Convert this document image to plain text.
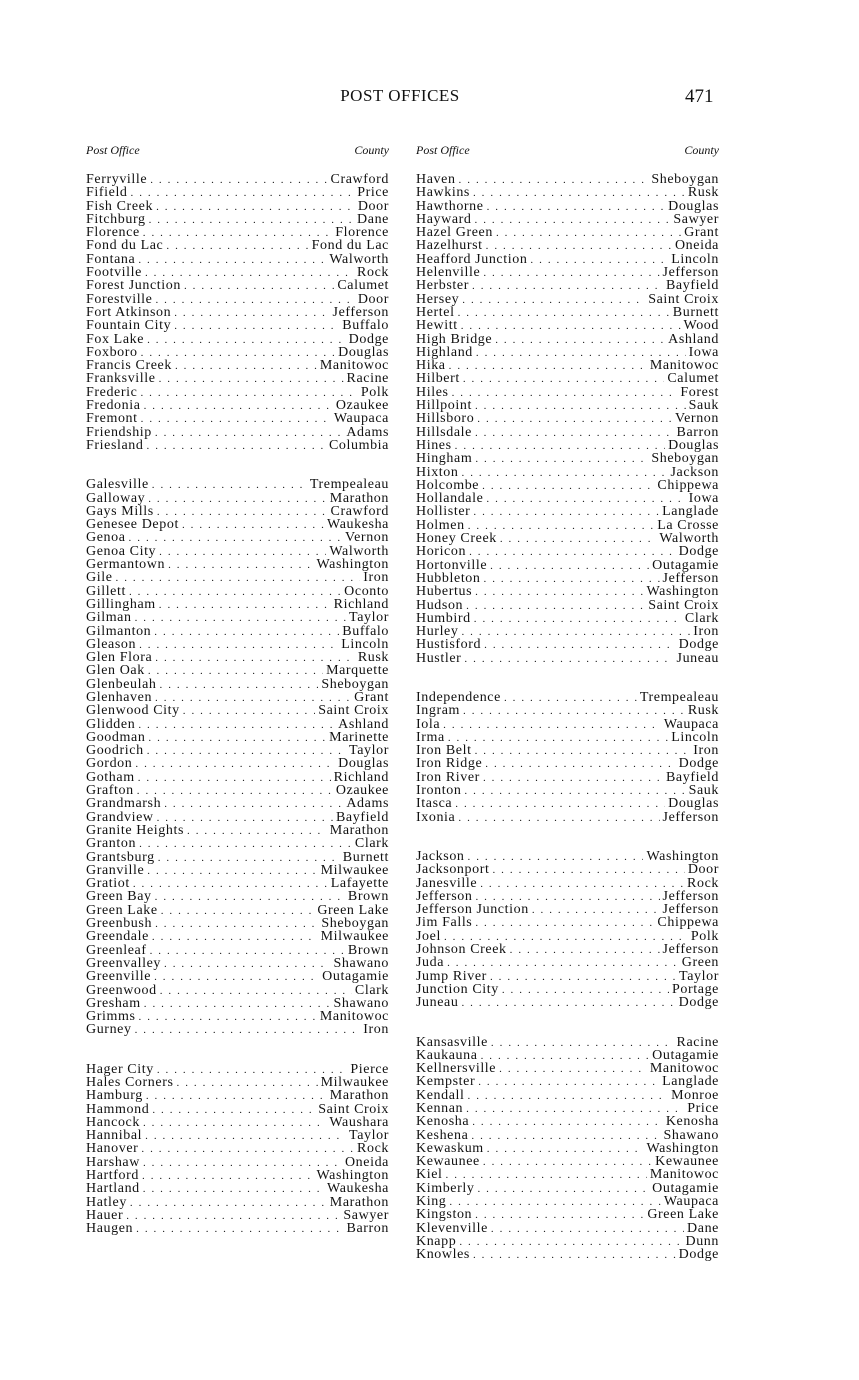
POST OFFICES	471
Post Office	County
Ferryville . . .	Crawford
Fifield . . .	Price
Fish Creek . . .	Door
Fitchburg . . .	Dane
Florence . . .	Florence
Fond du Lac . . .	Fond du Lac
Fontana . . .	Walworth
Footville . . .	Rock
Forest Junction . . .	Calumet
Forestville . . .	Door
Fort Atkinson . . .	Jefferson
Fountain City . . .	Buffalo
Fox Lake . . .	Dodge
Foxboro . . .	Douglas
Francis Creek . . .	Manitowoc
Franksville . . .	Racine
Frederic . . .	Polk
Fredonia . . .	Ozaukee
Fremont . . .	Waupaca
Friendship . . .	Adams
Friesland . . .	Columbia
Galesville . . .	Trempealeau
Galloway . . .	Marathon
Gays Mills . . .	Crawford
Genesee Depot . . .	Waukesha
Genoa . . .	Vernon
Genoa City . . .	Walworth
Germantown . . .	Washington
Gile . . .	Iron
Gillett . . .	Oconto
Gillingham . . .	Richland
Gilman . . .	Taylor
Gilmanton . . .	Buffalo
Gleason . . .	Lincoln
Glen Flora . . .	Rusk
Glen Oak . . .	Marquette
Glenbeulah . . .	Sheboygan
Glenhaven . . .	Grant
Glenwood City . . .	Saint Croix
Glidden . . .	Ashland
Goodman . . .	Marinette
Goodrich . . .	Taylor
Gordon . . .	Douglas
Gotham . . .	Richland
Grafton . . .	Ozaukee
Grandmarsh . . .	Adams
Grandview . . .	Bayfield
Granite Heights . . .	Marathon
Granton . . .	Clark
Grantsburg . . .	Burnett
Granville . . .	Milwaukee
Gratiot . . .	Lafayette
Green Bay . . .	Brown
Green Lake . . .	Green Lake
Greenbush . . .	Sheboygan
Greendale . . .	Milwaukee
Greenleaf . . .	Brown
Greenvalley . . .	Shawano
Greenville . . .	Outagamie
Greenwood . . .	Clark
Gresham . . .	Shawano
Grimms . . .	Manitowoc
Gurney . . .	Iron
Hager City . . .	Pierce
Hales Corners . . .	Milwaukee
Hamburg . . .	Marathon
Hammond . . .	Saint Croix
Hancock . . .	Waushara
Hannibal . . .	Taylor
Hanover . . .	Rock
Harshaw . . .	Oneida
Hartford . . .	Washington
Hartland . . .	Waukesha
Hatley . . .	Marathon
Hauer . . .	Sawyer
Haugen . . .	Barron
Post Office	County
Haven . . .	Sheboygan
Hawkins . . .	Rusk
Hawthorne . . .	Douglas
Hayward . . .	Sawyer
Hazel Green . . .	Grant
Hazelhurst . . .	Oneida
Heafford Junction . . .	Lincoln
Helenville . . .	Jefferson
Herbster . . .	Bayfield
Hersey . . .	Saint Croix
Hertel . . .	Burnett
Hewitt . . .	Wood
High Bridge . . .	Ashland
Highland . . .	Iowa
Hika . . .	Manitowoc
Hilbert . . .	Calumet
Hiles . . .	Forest
Hillpoint . . .	Sauk
Hillsboro . . .	Vernon
Hillsdale . . .	Barron
Hines . . .	Douglas
Hingham . . .	Sheboygan
Hixton . . .	Jackson
Holcombe . . .	Chippewa
Hollandale . . .	Iowa
Hollister . . .	Langlade
Holmen . . .	La Crosse
Honey Creek . . .	Walworth
Horicon . . .	Dodge
Hortonville . . .	Outagamie
Hubbleton . . .	Jefferson
Hubertus . . .	Washington
Hudson . . .	Saint Croix
Humbird . . .	Clark
Hurley . . .	Iron
Hustisford . . .	Dodge
Hustler . . .	Juneau
Independence . . .	Trempealeau
Ingram . . .	Rusk
Iola . . .	Waupaca
Irma . . .	Lincoln
Iron Belt . . .	Iron
Iron Ridge . . .	Dodge
Iron River . . .	Bayfield
Ironton . . .	Sauk
Itasca . . .	Douglas
Ixonia . . .	Jefferson
Jackson . . .	Washington
Jacksonport . . .	Door
Janesville . . .	Rock
Jefferson . . .	Jefferson
Jefferson Junction . . .	Jefferson
Jim Falls . . .	Chippewa
Joel . . .	Polk
Johnson Creek . . .	Jefferson
Juda . . .	Green
Jump River . . .	Taylor
Junction City . . .	Portage
Juneau . . .	Dodge
Kansasville . . .	Racine
Kaukauna . . .	Outagamie
Kellnersville . . .	Manitowoc
Kempster . . .	Langlade
Kendall . . .	Monroe
Kennan . . .	Price
Kenosha . . .	Kenosha
Keshena . . .	Shawano
Kewaskum . . .	Washington
Kewaunee . . .	Kewaunee
Kiel . . .	Manitowoc
Kimberly . . .	Outagamie
King . . .	Waupaca
Kingston . . .	Green Lake
Klevenville . . .	Dane
Knapp . . .	Dunn
Knowles . . .	Dodge
